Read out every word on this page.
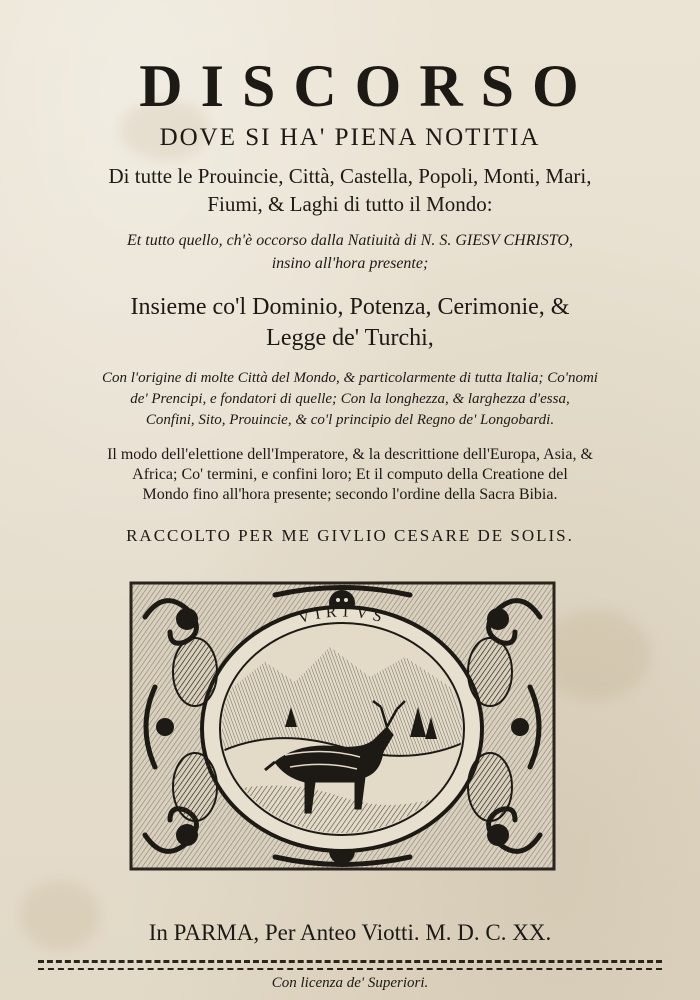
DISCORSO
DOVE SI HA' PIENA NOTITIA
Di tutte le Prouincie, Città, Castella, Popoli, Monti, Mari,
Fiumi, & Laghi di tutto il Mondo:
Et tutto quello, ch'è occorso dalla Natiuità di N. S. GIESV CHRISTO,
insino all'hora presente;
Insieme co'l Dominio, Potenza, Cerimonie, &
Legge de' Turchi,
Con l'origine di molte Città del Mondo, & particolarmente di tutta Italia; Co'nomi
de' Prencipi, e fondatori di quelle; Con la longhezza, & larghezza d'essa,
Confini, Sito, Prouincie, & co'l principio del Regno de' Longobardi.
Il modo dell'elettione dell'Imperatore, & la descrittione dell'Europa, Asia, &
Africa; Co' termini, e confini loro; Et il computo della Creatione del
Mondo fino all'hora presente; secondo l'ordine della Sacra Bibia.
RACCOLTO PER ME GIVLIO CESARE DE SOLIS.
VIRTVS
In PARMA, Per Anteo Viotti. M. D. C. XX.
Con licenza de' Superiori.
